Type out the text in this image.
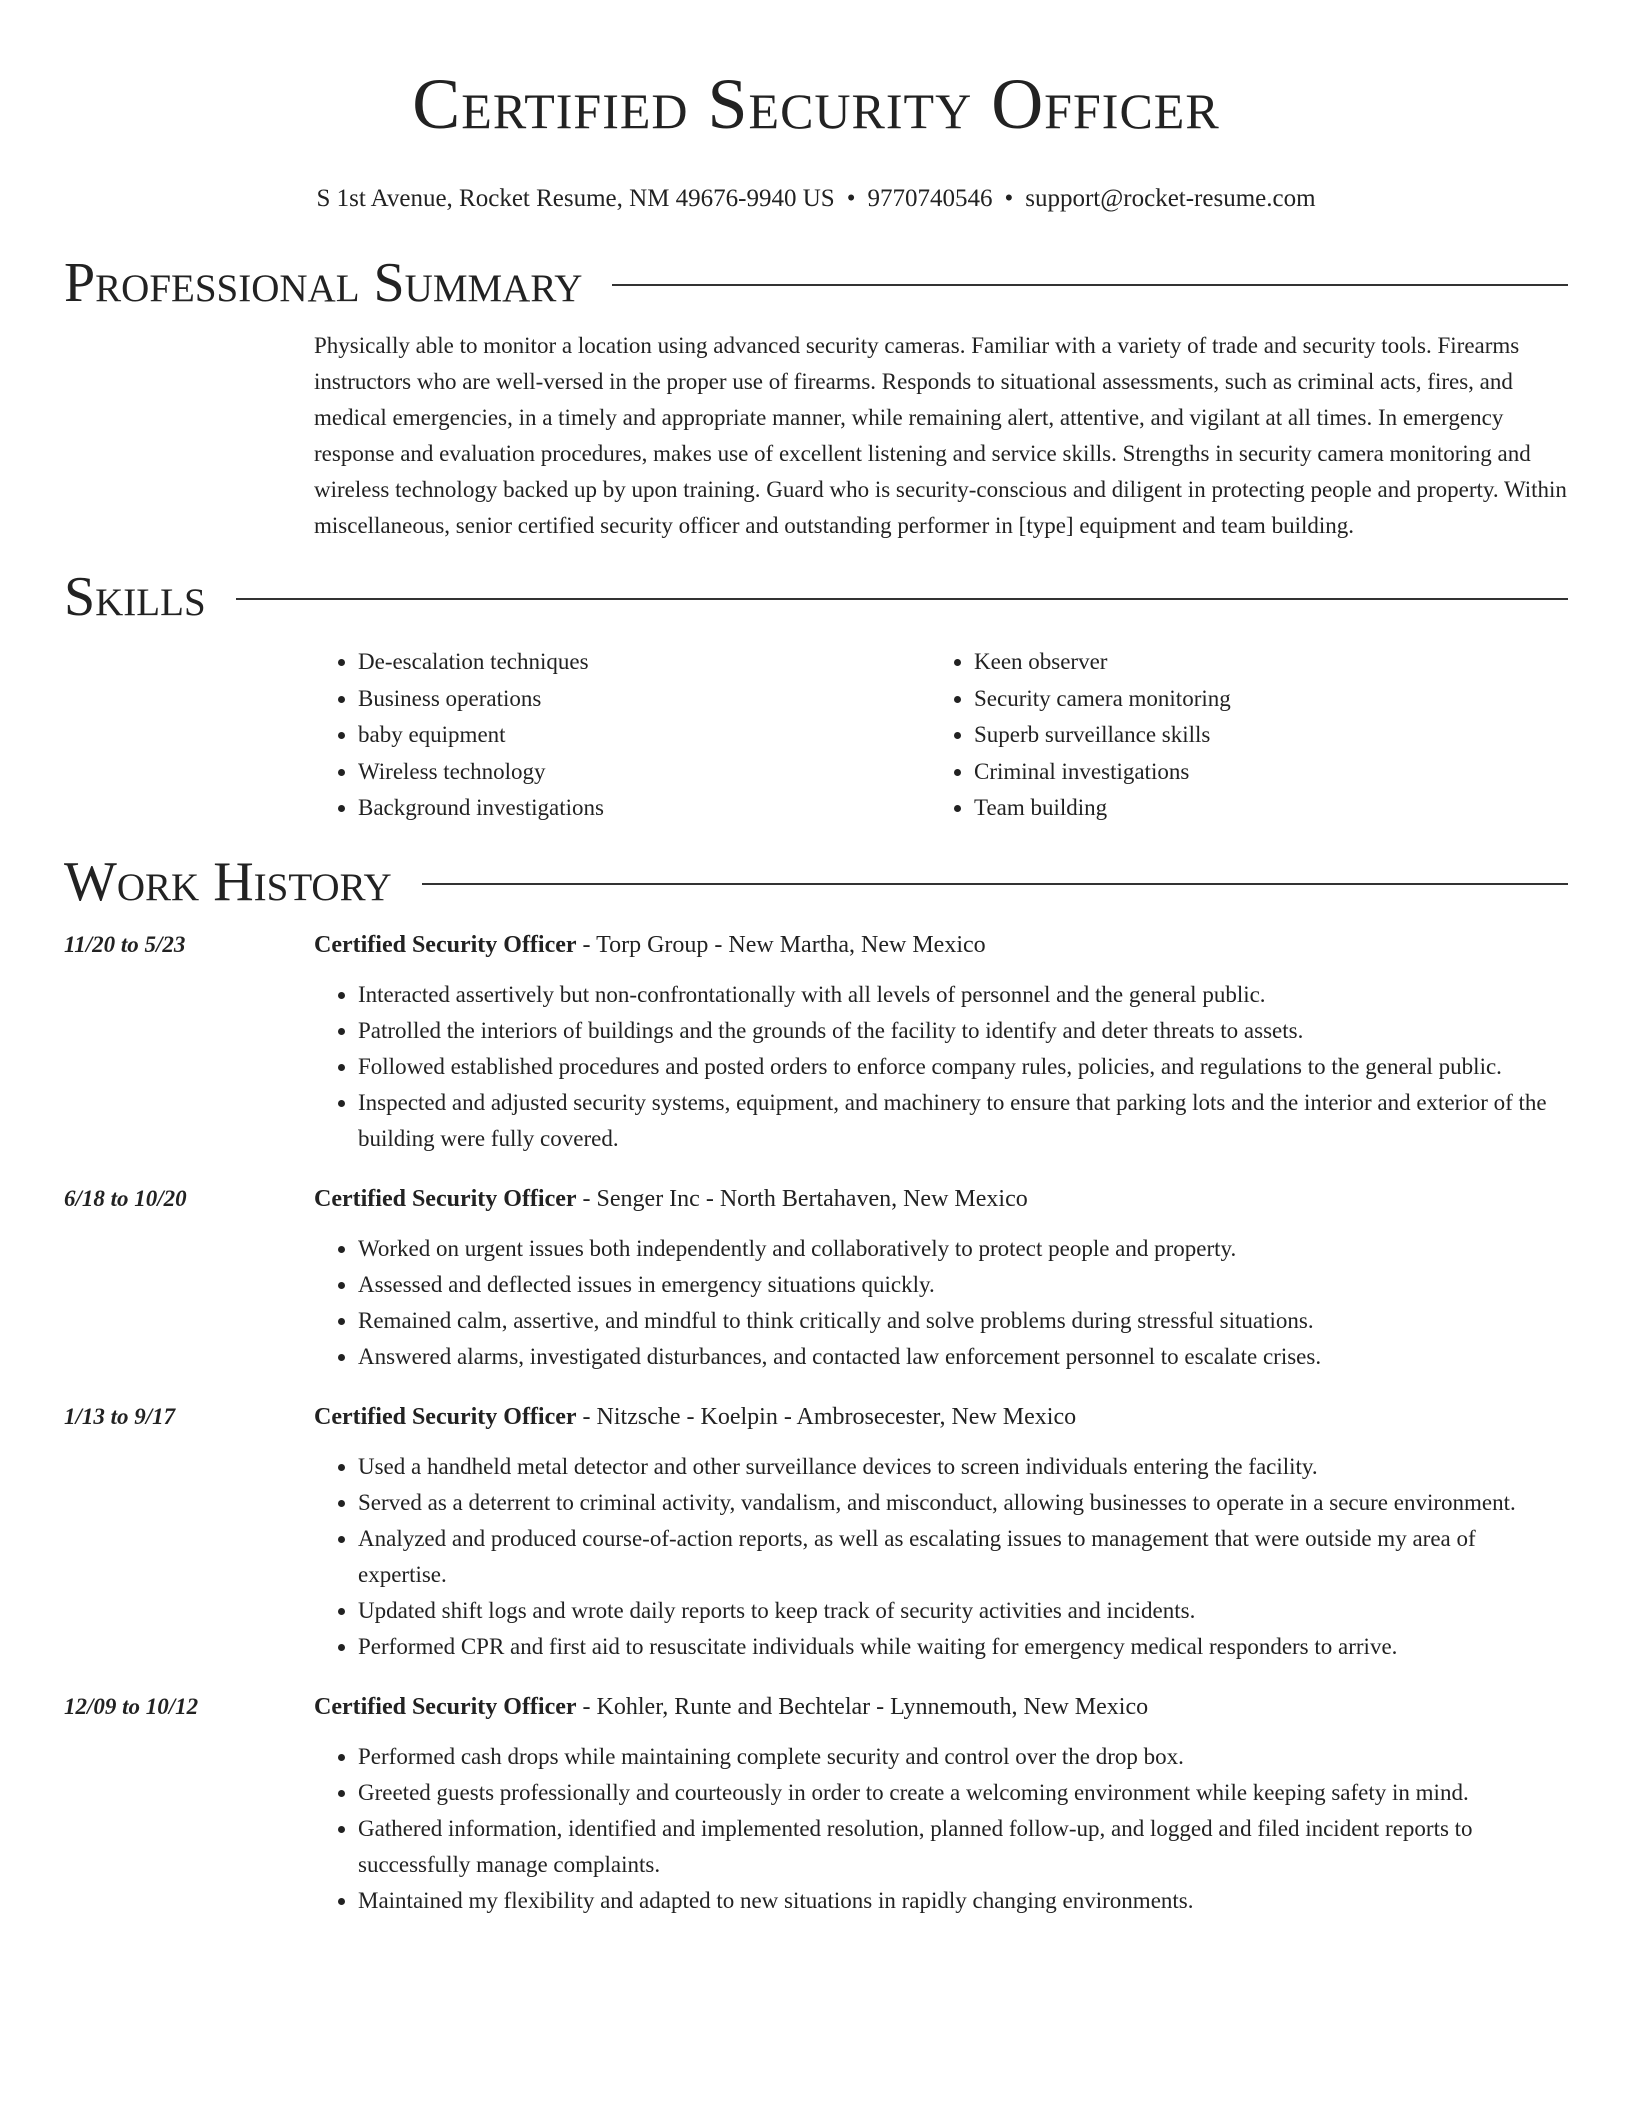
Certified Security Officer
S 1st Avenue, Rocket Resume, NM 49676-9940 US • 9770740546 • support@rocket-resume.com
Professional Summary

Physically able to monitor a location using advanced security cameras. Familiar with a variety of trade and security tools. Firearms instructors who are well-versed in the proper use of firearms. Responds to situational assessments, such as criminal acts, fires, and medical emergencies, in a timely and appropriate manner, while remaining alert, attentive, and vigilant at all times. In emergency response and evaluation procedures, makes use of excellent listening and service skills. Strengths in security camera monitoring and wireless technology backed up by upon training. Guard who is security-conscious and diligent in protecting people and property. Within miscellaneous, senior certified security officer and outstanding performer in [type] equipment and team building.

Skills
• De-escalation techniques
• Business operations
• baby equipment
• Wireless technology
• Background investigations
• Keen observer
• Security camera monitoring
• Superb surveillance skills
• Criminal investigations
• Team building
Work History
11/20 to 5/23	Certified Security Officer - Torp Group - New Martha, New Mexico
• Interacted assertively but non-confrontationally with all levels of personnel and the general public.
• Patrolled the interiors of buildings and the grounds of the facility to identify and deter threats to assets.
• Followed established procedures and posted orders to enforce company rules, policies, and regulations to the general public.
• Inspected and adjusted security systems, equipment, and machinery to ensure that parking lots and the interior and exterior of the building were fully covered.
6/18 to 10/20	Certified Security Officer - Senger Inc - North Bertahaven, New Mexico
• Worked on urgent issues both independently and collaboratively to protect people and property.
• Assessed and deflected issues in emergency situations quickly.
• Remained calm, assertive, and mindful to think critically and solve problems during stressful situations.
• Answered alarms, investigated disturbances, and contacted law enforcement personnel to escalate crises.
1/13 to 9/17	Certified Security Officer - Nitzsche - Koelpin - Ambrosecester, New Mexico
• Used a handheld metal detector and other surveillance devices to screen individuals entering the facility.
• Served as a deterrent to criminal activity, vandalism, and misconduct, allowing businesses to operate in a secure environment.
• Analyzed and produced course-of-action reports, as well as escalating issues to management that were outside my area of expertise.
• Updated shift logs and wrote daily reports to keep track of security activities and incidents.
• Performed CPR and first aid to resuscitate individuals while waiting for emergency medical responders to arrive.
12/09 to 10/12	Certified Security Officer - Kohler, Runte and Bechtelar - Lynnemouth, New Mexico
• Performed cash drops while maintaining complete security and control over the drop box.
• Greeted guests professionally and courteously in order to create a welcoming environment while keeping safety in mind.
• Gathered information, identified and implemented resolution, planned follow-up, and logged and filed incident reports to successfully manage complaints.
• Maintained my flexibility and adapted to new situations in rapidly changing environments.
